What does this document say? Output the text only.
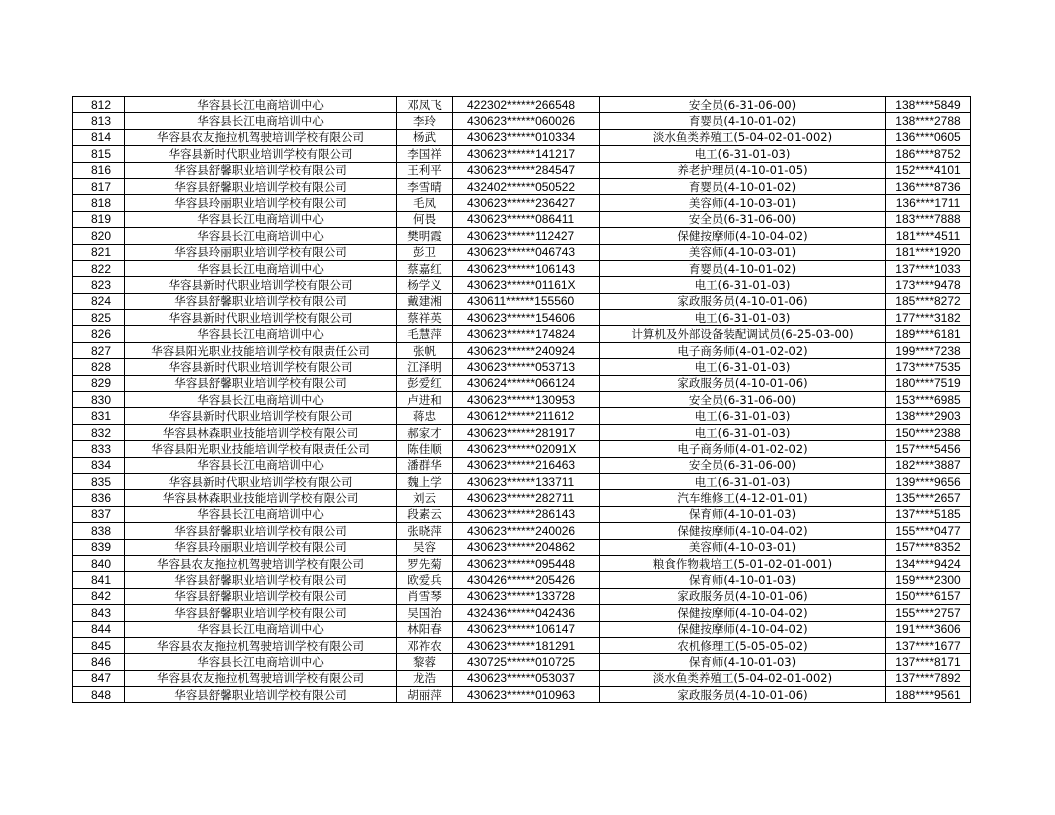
812	华容县长江电商培训中心	邓凤飞	422302******266548	安全员(6-31-06-00)	138****5849
813	华容县长江电商培训中心	李玲	430623******060026	育婴员(4-10-01-02)	138****2788
814	华容县农友拖拉机驾驶培训学校有限公司	杨武	430623******010334	淡水鱼类养殖工(5-04-02-01-002)	136****0605
815	华容县新时代职业培训学校有限公司	李国祥	430623******141217	电工(6-31-01-03)	186****8752
816	华容县舒馨职业培训学校有限公司	王利平	430623******284547	养老护理员(4-10-01-05)	152****4101
817	华容县舒馨职业培训学校有限公司	李雪晴	432402******050522	育婴员(4-10-01-02)	136****8736
818	华容县玲丽职业培训学校有限公司	毛凤	430623******236427	美容师(4-10-03-01)	136****1711
819	华容县长江电商培训中心	何畏	430623******086411	安全员(6-31-06-00)	183****7888
820	华容县长江电商培训中心	樊明霞	430623******112427	保健按摩师(4-10-04-02)	181****4511
821	华容县玲丽职业培训学校有限公司	彭卫	430623******046743	美容师(4-10-03-01)	181****1920
822	华容县长江电商培训中心	蔡嘉红	430623******106143	育婴员(4-10-01-02)	137****1033
823	华容县新时代职业培训学校有限公司	杨学义	430623******01161X	电工(6-31-01-03)	173****9478
824	华容县舒馨职业培训学校有限公司	戴建湘	430611******155560	家政服务员(4-10-01-06)	185****8272
825	华容县新时代职业培训学校有限公司	蔡祥英	430623******154606	电工(6-31-01-03)	177****3182
826	华容县长江电商培训中心	毛慧萍	430623******174824	计算机及外部设备装配调试员(6-25-03-00)	189****6181
827	华容县阳光职业技能培训学校有限责任公司	张帆	430623******240924	电子商务师(4-01-02-02)	199****7238
828	华容县新时代职业培训学校有限公司	江泽明	430623******053713	电工(6-31-01-03)	173****7535
829	华容县舒馨职业培训学校有限公司	彭爱红	430624******066124	家政服务员(4-10-01-06)	180****7519
830	华容县长江电商培训中心	卢进和	430623******130953	安全员(6-31-06-00)	153****6985
831	华容县新时代职业培训学校有限公司	蒋忠	430612******211612	电工(6-31-01-03)	138****2903
832	华容县林森职业技能培训学校有限公司	郝家才	430623******281917	电工(6-31-01-03)	150****2388
833	华容县阳光职业技能培训学校有限责任公司	陈佳顺	430623******02091X	电子商务师(4-01-02-02)	157****5456
834	华容县长江电商培训中心	潘群华	430623******216463	安全员(6-31-06-00)	182****3887
835	华容县新时代职业培训学校有限公司	魏上学	430623******133711	电工(6-31-01-03)	139****9656
836	华容县林森职业技能培训学校有限公司	刘云	430623******282711	汽车维修工(4-12-01-01)	135****2657
837	华容县长江电商培训中心	段素云	430623******286143	保育师(4-10-01-03)	137****5185
838	华容县舒馨职业培训学校有限公司	张晓萍	430623******240026	保健按摩师(4-10-04-02)	155****0477
839	华容县玲丽职业培训学校有限公司	吴容	430623******204862	美容师(4-10-03-01)	157****8352
840	华容县农友拖拉机驾驶培训学校有限公司	罗先菊	430623******095448	粮食作物栽培工(5-01-02-01-001)	134****9424
841	华容县舒馨职业培训学校有限公司	欧爱兵	430426******205426	保育师(4-10-01-03)	159****2300
842	华容县舒馨职业培训学校有限公司	肖雪琴	430623******133728	家政服务员(4-10-01-06)	150****6157
843	华容县舒馨职业培训学校有限公司	吴国治	432436******042436	保健按摩师(4-10-04-02)	155****2757
844	华容县长江电商培训中心	林阳春	430623******106147	保健按摩师(4-10-04-02)	191****3606
845	华容县农友拖拉机驾驶培训学校有限公司	邓祚农	430623******181291	农机修理工(5-05-05-02)	137****1677
846	华容县长江电商培训中心	黎蓉	430725******010725	保育师(4-10-01-03)	137****8171
847	华容县农友拖拉机驾驶培训学校有限公司	龙浩	430623******053037	淡水鱼类养殖工(5-04-02-01-002)	137****7892
848	华容县舒馨职业培训学校有限公司	胡丽萍	430623******010963	家政服务员(4-10-01-06)	188****9561
